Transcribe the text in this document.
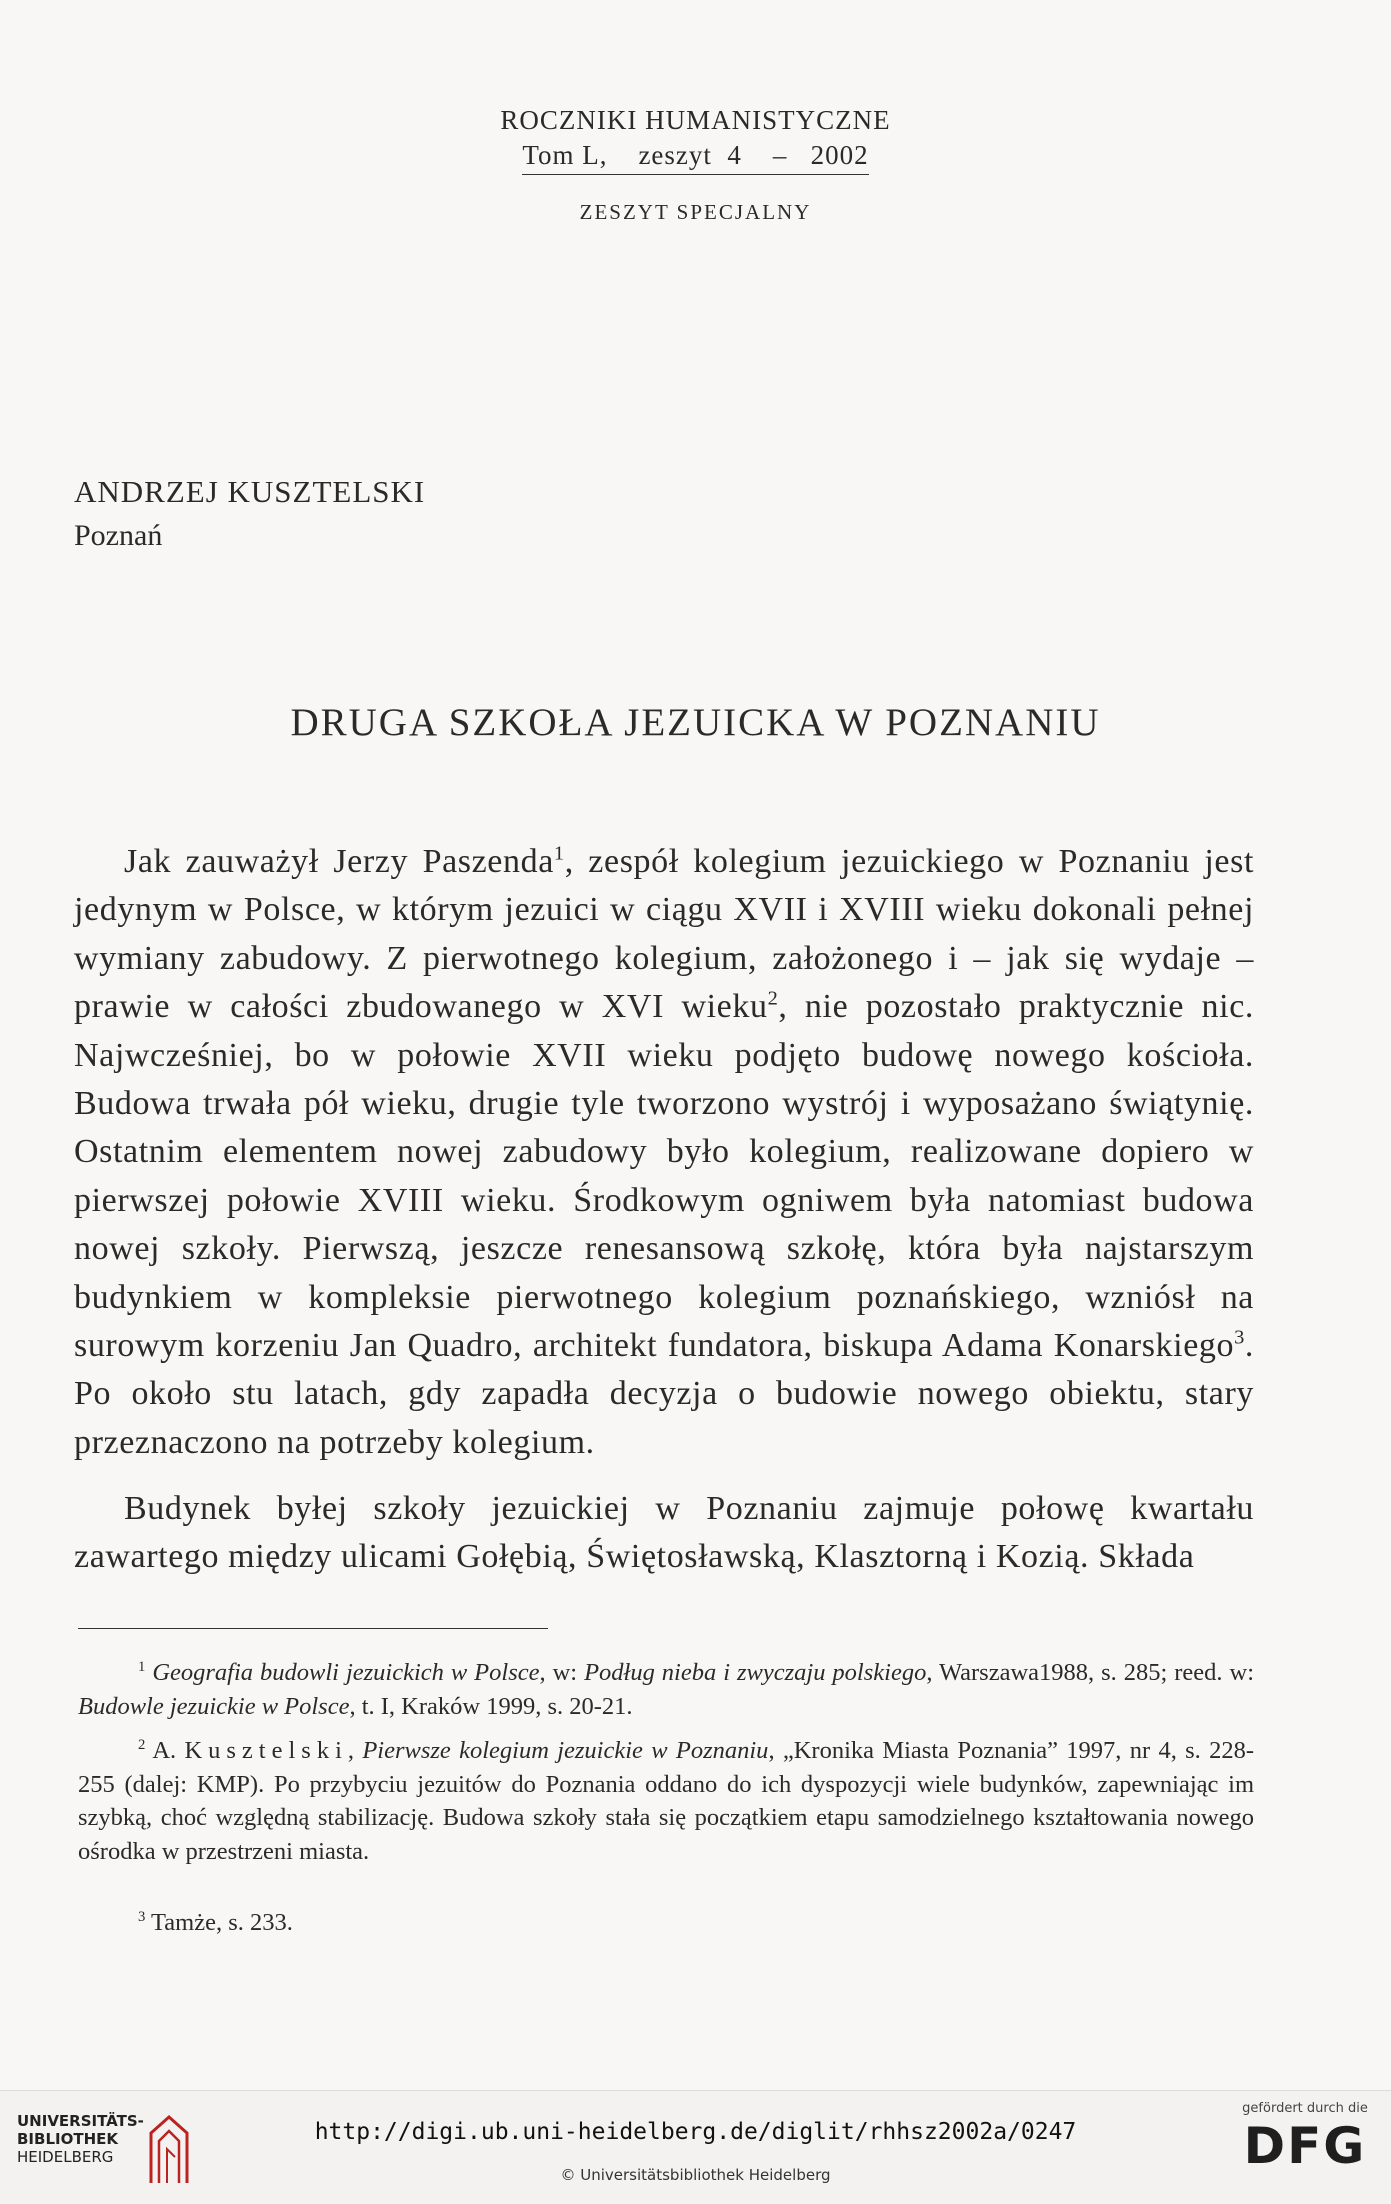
ROCZNIKI HUMANISTYCZNE
Tom L,    zeszyt  4    –   2002
ZESZYT SPECJALNY
ANDRZEJ KUSZTELSKI
Poznań
DRUGA SZKOŁA JEZUICKA W POZNANIU

Jak zauważył Jerzy Paszenda$^1$, zespół kolegium jezuickiego w Poznaniu jest jedynym w Polsce, w którym jezuici w ciągu XVII i XVIII wieku dokonali pełnej wymiany zabudowy. Z pierwotnego kolegium, założonego i – jak się wydaje – prawie w całości zbudowanego w XVI wieku$^2$, nie pozostało praktycznie nic. Najwcześniej, bo w połowie XVII wieku podjęto budowę nowego kościoła. Budowa trwała pół wieku, drugie tyle tworzono wystrój i wyposażano świątynię. Ostatnim elementem nowej zabudowy było kolegium, realizowane dopiero w pierwszej połowie XVIII wieku. Środkowym ogniwem była natomiast budowa nowej szkoły. Pierwszą, jeszcze renesansową szkołę, która była najstarszym budynkiem w kompleksie pierwotnego kolegium poznańskiego, wzniósł na surowym korzeniu Jan Quadro, architekt fundatora, biskupa Adama Konarskiego$^3$. Po około stu latach, gdy zapadła decyzja o budowie nowego obiektu, stary przeznaczono na potrzeby kolegium.

Budynek byłej szkoły jezuickiej w Poznaniu zajmuje połowę kwartału zawartego między ulicami Gołębią, Świętosławską, Klasztorną i Kozią. Składa

$^1$ Geografia budowli jezuickich w Polsce, w: Podług nieba i zwyczaju polskiego, Warszawa1988, s. 285; reed. w: Budowle jezuickie w Polsce, t. I, Kraków 1999, s. 20-21.

$^2$ A. Kusztelski, Pierwsze kolegium jezuickie w Poznaniu, „Kronika Miasta Poznania” 1997, nr 4, s. 228-255 (dalej: KMP). Po przybyciu jezuitów do Poznania oddano do ich dyspozycji wiele budynków, zapewniając im szybką, choć względną stabilizację. Budowa szkoły stała się początkiem etapu samodzielnego kształtowania nowego ośrodka w przestrzeni miasta.

$^3$ Tamże, s. 233.

UNIVERSITÄTS-
BIBLIOTHEK
HEIDELBERG
http://digi.ub.uni-heidelberg.de/diglit/rhhsz2002a/0247
© Universitätsbibliothek Heidelberg
gefördert durch die
DFG
